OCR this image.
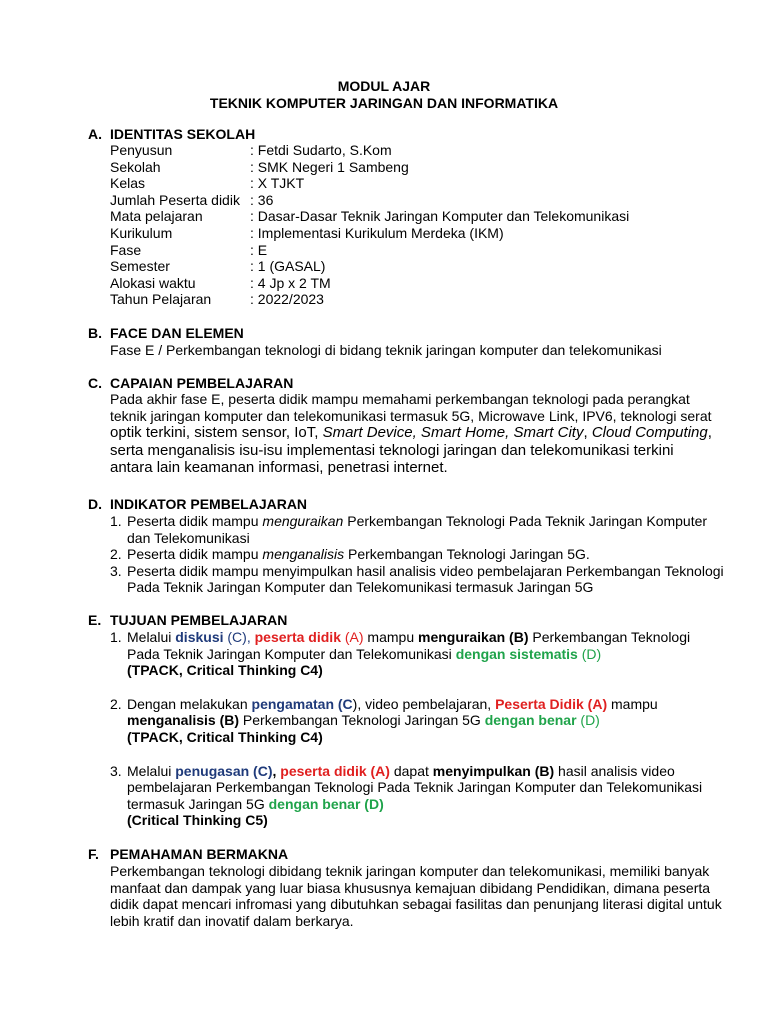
MODUL AJAR
TEKNIK KOMPUTER JARINGAN DAN INFORMATIKA
A. IDENTITAS SEKOLAH
Penyusun	: Fetdi Sudarto, S.Kom
Sekolah	: SMK Negeri 1 Sambeng
Kelas	: X TJKT
Jumlah Peserta didik : 36
Mata pelajaran	: Dasar-Dasar Teknik Jaringan Komputer dan Telekomunikasi
Kurikulum	: Implementasi Kurikulum Merdeka (IKM)
Fase	: E
Semester	: 1 (GASAL)
Alokasi waktu	: 4 Jp x 2 TM
Tahun Pelajaran	: 2022/2023
B. FACE DAN ELEMEN
Fase E / Perkembangan teknologi di bidang teknik jaringan komputer dan telekomunikasi
C. CAPAIAN PEMBELAJARAN
Pada akhir fase E, peserta didik mampu memahami perkembangan teknologi pada perangkat
teknik jaringan komputer dan telekomunikasi termasuk 5G, Microwave Link, IPV6, teknologi serat
optik terkini, sistem sensor, IoT, Smart Device, Smart Home, Smart City, Cloud Computing,
serta menganalisis isu-isu implementasi teknologi jaringan dan telekomunikasi terkini
antara lain keamanan informasi, penetrasi internet.
D. INDIKATOR PEMBELAJARAN
1. Peserta didik mampu menguraikan Perkembangan Teknologi Pada Teknik Jaringan Komputer dan Telekomunikasi
2. Peserta didik mampu menganalisis Perkembangan Teknologi Jaringan 5G.
3. Peserta didik mampu menyimpulkan hasil analisis video pembelajaran Perkembangan Teknologi Pada Teknik Jaringan Komputer dan Telekomunikasi termasuk Jaringan 5G
E. TUJUAN PEMBELAJARAN
1. Melalui diskusi (C), peserta didik (A) mampu menguraikan (B) Perkembangan Teknologi Pada Teknik Jaringan Komputer dan Telekomunikasi dengan sistematis (D)
(TPACK, Critical Thinking C4)
2. Dengan melakukan pengamatan (C), video pembelajaran, Peserta Didik (A) mampu menganalisis (B) Perkembangan Teknologi Jaringan 5G dengan benar (D)
(TPACK, Critical Thinking C4)
3. Melalui penugasan (C), peserta didik (A) dapat menyimpulkan (B) hasil analisis video pembelajaran Perkembangan Teknologi Pada Teknik Jaringan Komputer dan Telekomunikasi termasuk Jaringan 5G dengan benar (D)
(Critical Thinking C5)
F. PEMAHAMAN BERMAKNA
Perkembangan teknologi dibidang teknik jaringan komputer dan telekomunikasi, memiliki banyak manfaat dan dampak yang luar biasa khususnya kemajuan dibidang Pendidikan, dimana peserta didik dapat mencari infromasi yang dibutuhkan sebagai fasilitas dan penunjang literasi digital untuk lebih kratif dan inovatif dalam berkarya.
